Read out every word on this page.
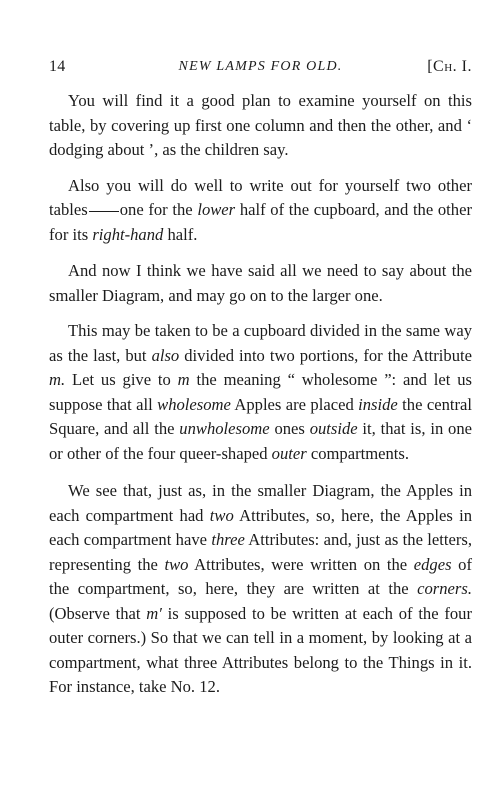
14	NEW LAMPS FOR OLD.	[Ch. I.

You will find it a good plan to examine yourself on this table, by covering up first one column and then the other, and ‘ dodging about ’, as the children say.

Also you will do well to write out for yourself two other tables one for the lower half of the cupboard, and the other for its right-hand half.

And now I think we have said all we need to say about the smaller Diagram, and may go on to the larger one.

This may be taken to be a cupboard divided in the same way as the last, but also divided into two portions, for the Attribute m. Let us give to m the meaning “ wholesome ”: and let us suppose that all wholesome Apples are placed inside the central Square, and all the unwholesome ones outside it, that is, in one or other of the four queer-shaped outer compartments.

We see that, just as, in the smaller Diagram, the Apples in each compartment had two Attributes, so, here, the Apples in each compartment have three Attributes: and, just as the letters, representing the two Attributes, were written on the edges of the compartment, so, here, they are written at the corners. (Observe that m′ is supposed to be written at each of the four outer corners.) So that we can tell in a moment, by looking at a compartment, what three Attributes belong to the Things in it. For instance, take No. 12.
